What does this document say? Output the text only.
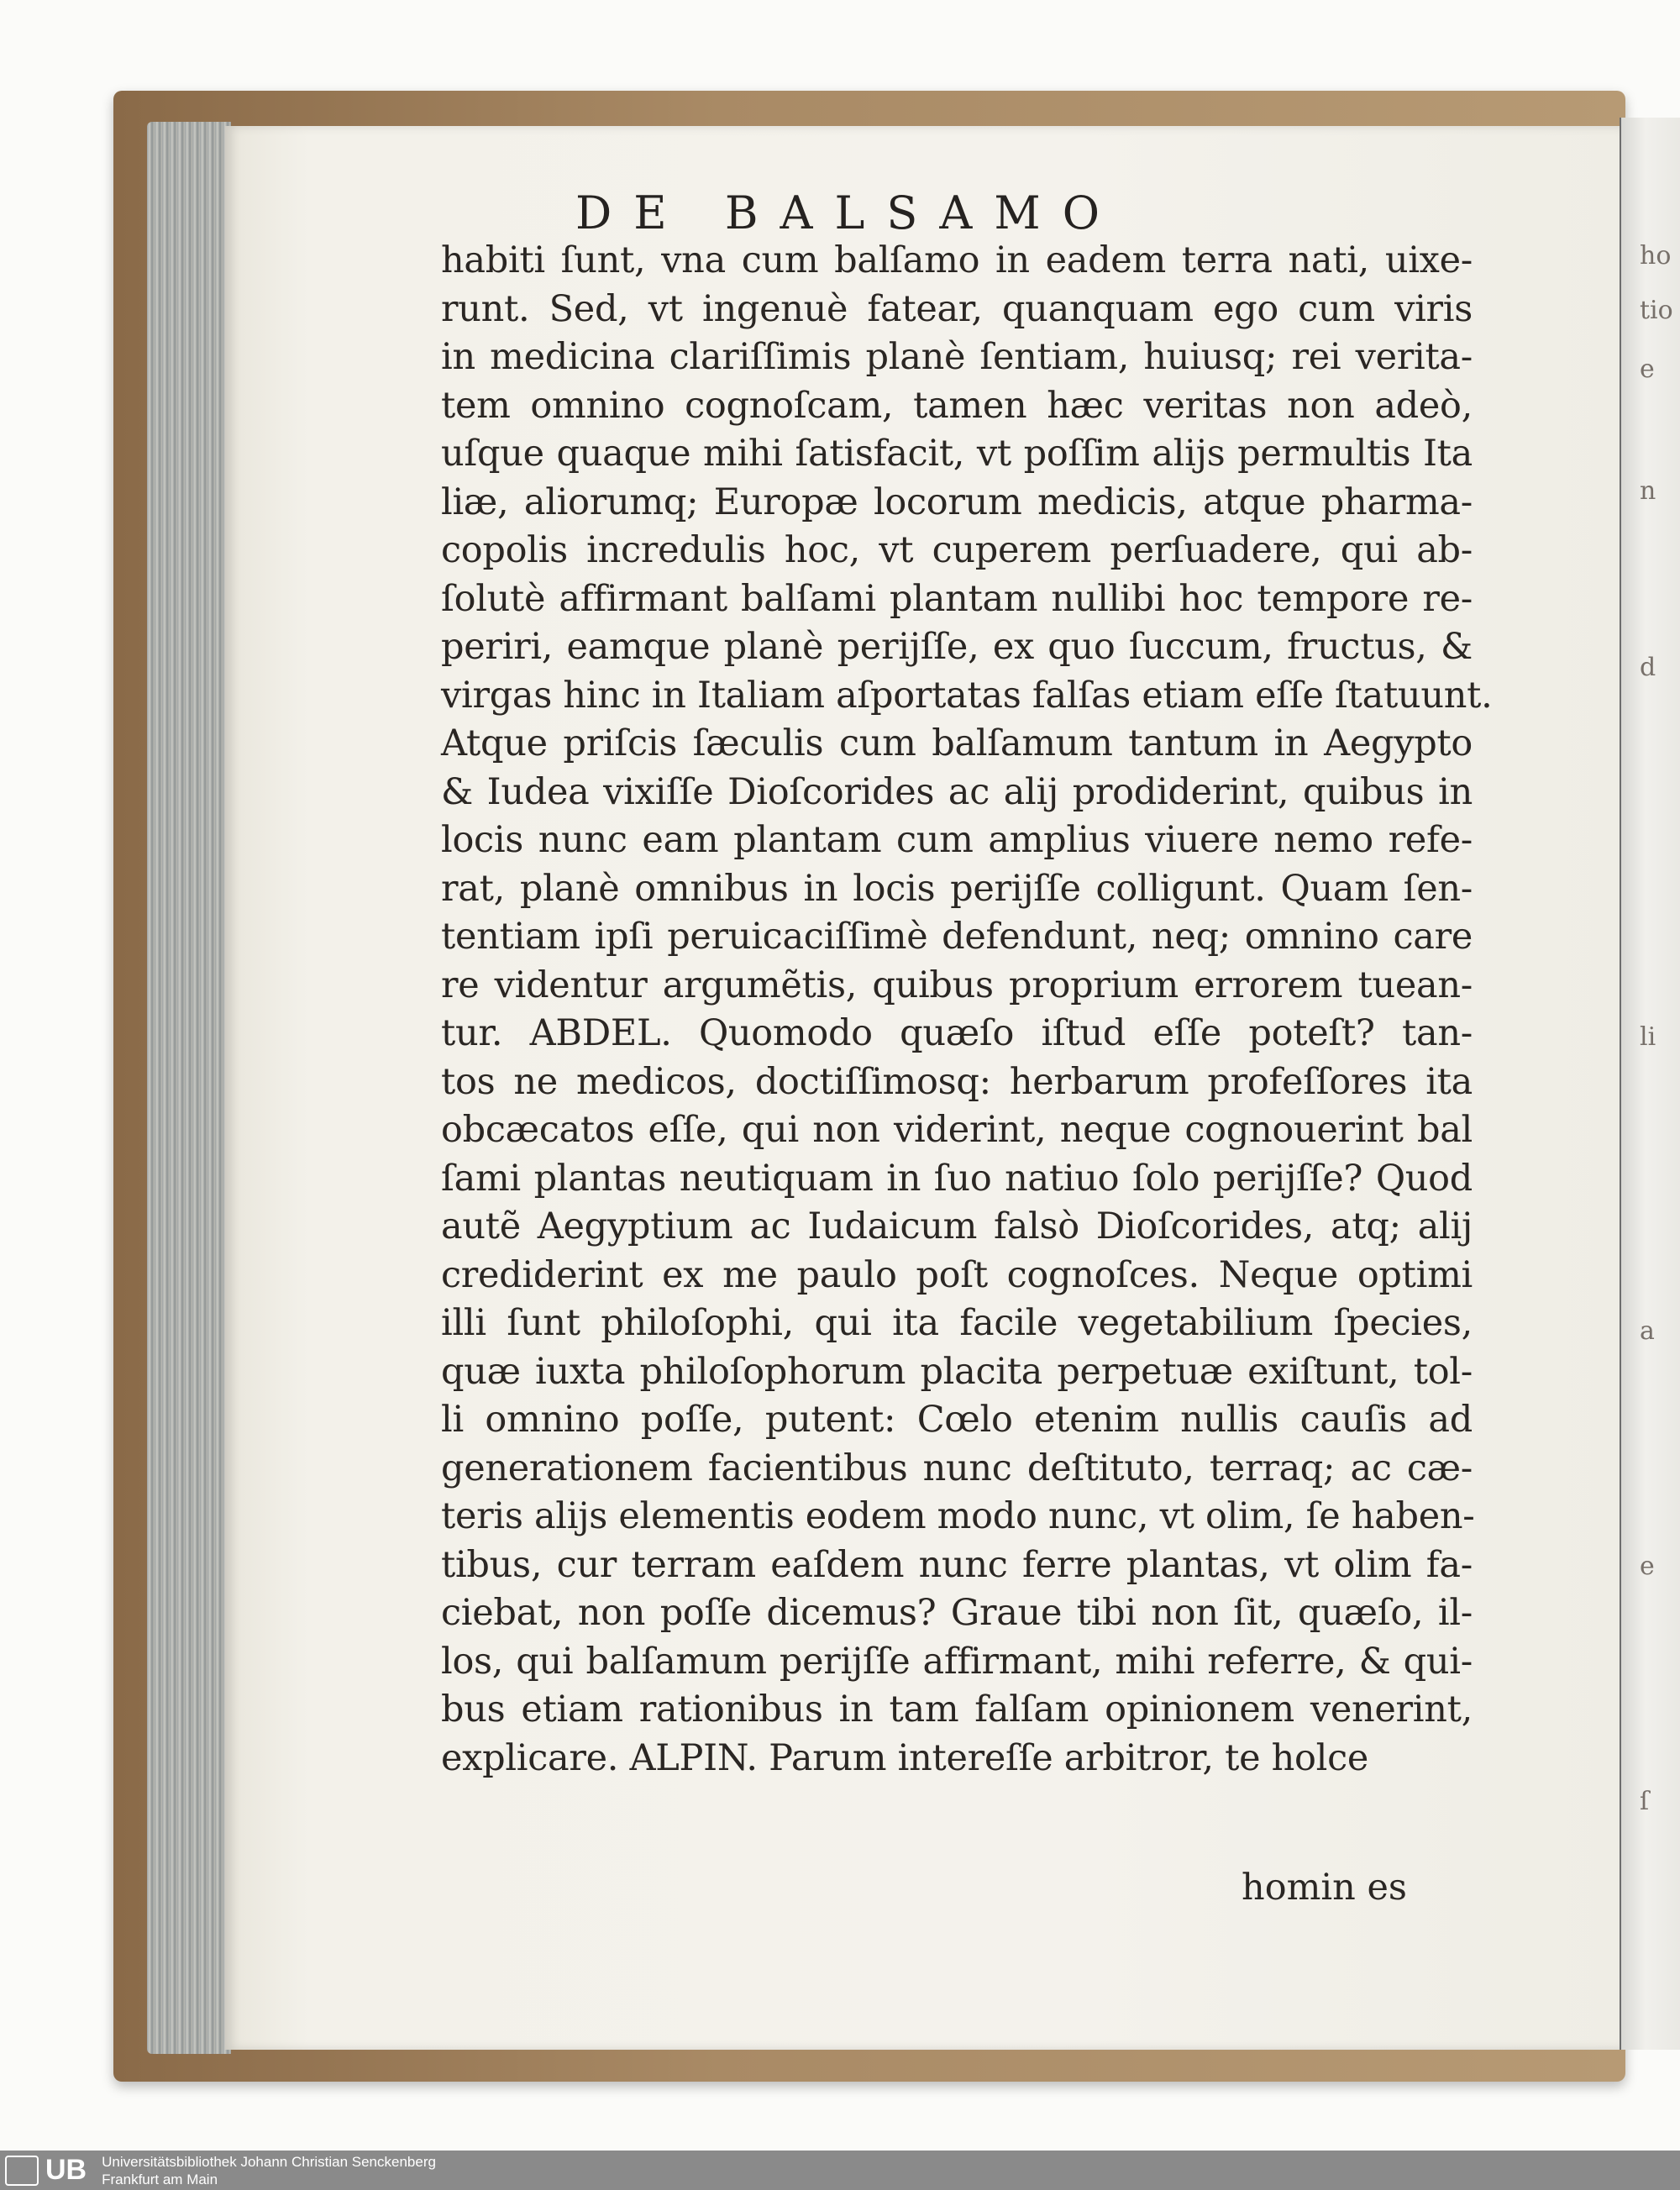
ho
tio
e
n
d
li
a
e
ſ
DE BALSAMO
habiti ſunt, vna cum balſamo in eadem terra nati, uixe-
runt. Sed, vt ingenuè fatear, quanquam ego cum viris
in medicina clariſſimis planè ſentiam, huiusq; rei verita-
tem omnino cognoſcam, tamen hæc veritas non adeò,
uſque quaque mihi ſatisfacit, vt poſſim alijs permultis Ita
liæ, aliorumq; Europæ locorum medicis, atque pharma-
copolis incredulis hoc, vt cuperem perſuadere, qui ab-
ſolutè affirmant balſami plantam nullibi hoc tempore re-
periri, eamque planè perijſſe, ex quo ſuccum, fructus, &
virgas hinc in Italiam aſportatas falſas etiam eſſe ſtatuunt.
Atque priſcis ſæculis cum balſamum tantum in Aegypto
& Iudea vixiſſe Dioſcorides ac alij prodiderint, quibus in
locis nunc eam plantam cum amplius viuere nemo refe-
rat, planè omnibus in locis perijſſe colligunt. Quam ſen-
tentiam ipſi peruicaciſſimè defendunt, neq; omnino care
re videntur argumẽtis, quibus proprium errorem tuean-
tur. ABDEL. Quomodo quæſo iſtud eſſe poteſt? tan-
tos ne medicos, doctiſſimosq: herbarum profeſſores ita
obcæcatos eſſe, qui non viderint, neque cognouerint bal
ſami plantas neutiquam in ſuo natiuo ſolo perijſſe? Quod
autẽ Aegyptium ac Iudaicum falsò Dioſcorides, atq; alij
crediderint ex me paulo poſt cognoſces. Neque optimi
illi ſunt philoſophi, qui ita facile vegetabilium ſpecies,
quæ iuxta philoſophorum placita perpetuæ exiſtunt, tol-
li omnino poſſe, putent: Cœlo etenim nullis cauſis ad
generationem facientibus nunc deſtituto, terraq; ac cæ-
teris alijs elementis eodem modo nunc, vt olim, ſe haben-
tibus, cur terram eaſdem nunc ferre plantas, vt olim fa-
ciebat, non poſſe dicemus? Graue tibi non ſit, quæſo, il-
los, qui balſamum perijſſe affirmant, mihi referre, & qui-
bus etiam rationibus in tam falſam opinionem venerint,
explicare. ALPIN. Parum intereſſe arbitror, te holce
homin es
UB Universitätsbibliothek Johann Christian Senckenberg
Frankfurt am Main
